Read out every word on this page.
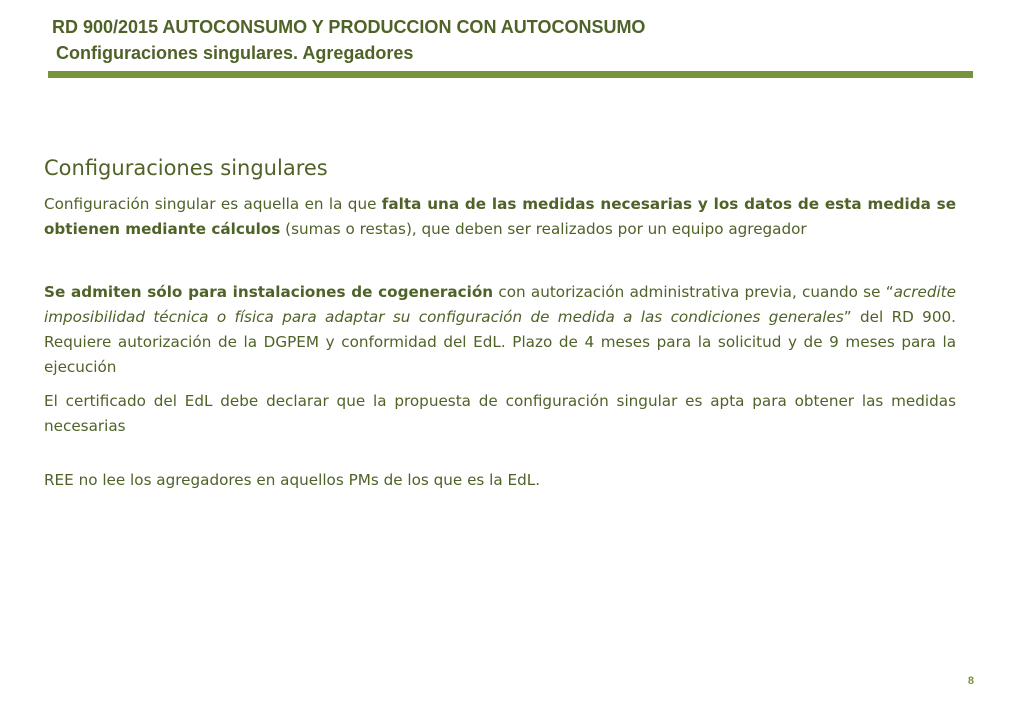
RD 900/2015 AUTOCONSUMO Y PRODUCCION CON AUTOCONSUMO
Configuraciones singulares. Agregadores
Configuraciones singulares

Configuración singular es aquella en la que falta una de las medidas necesarias y los datos de esta medida se obtienen mediante cálculos (sumas o restas), que deben ser realizados por un equipo agregador

Se admiten sólo para instalaciones de cogeneración con autorización administrativa previa, cuando se “acredite imposibilidad técnica o física para adaptar su configuración de medida a las condiciones generales” del RD 900. Requiere autorización de la DGPEM y conformidad del EdL. Plazo de 4 meses para la solicitud y de 9 meses para la ejecución

El certificado del EdL debe declarar que la propuesta de configuración singular es apta para obtener las medidas necesarias

REE no lee los agregadores en aquellos PMs de los que es la EdL.

8
